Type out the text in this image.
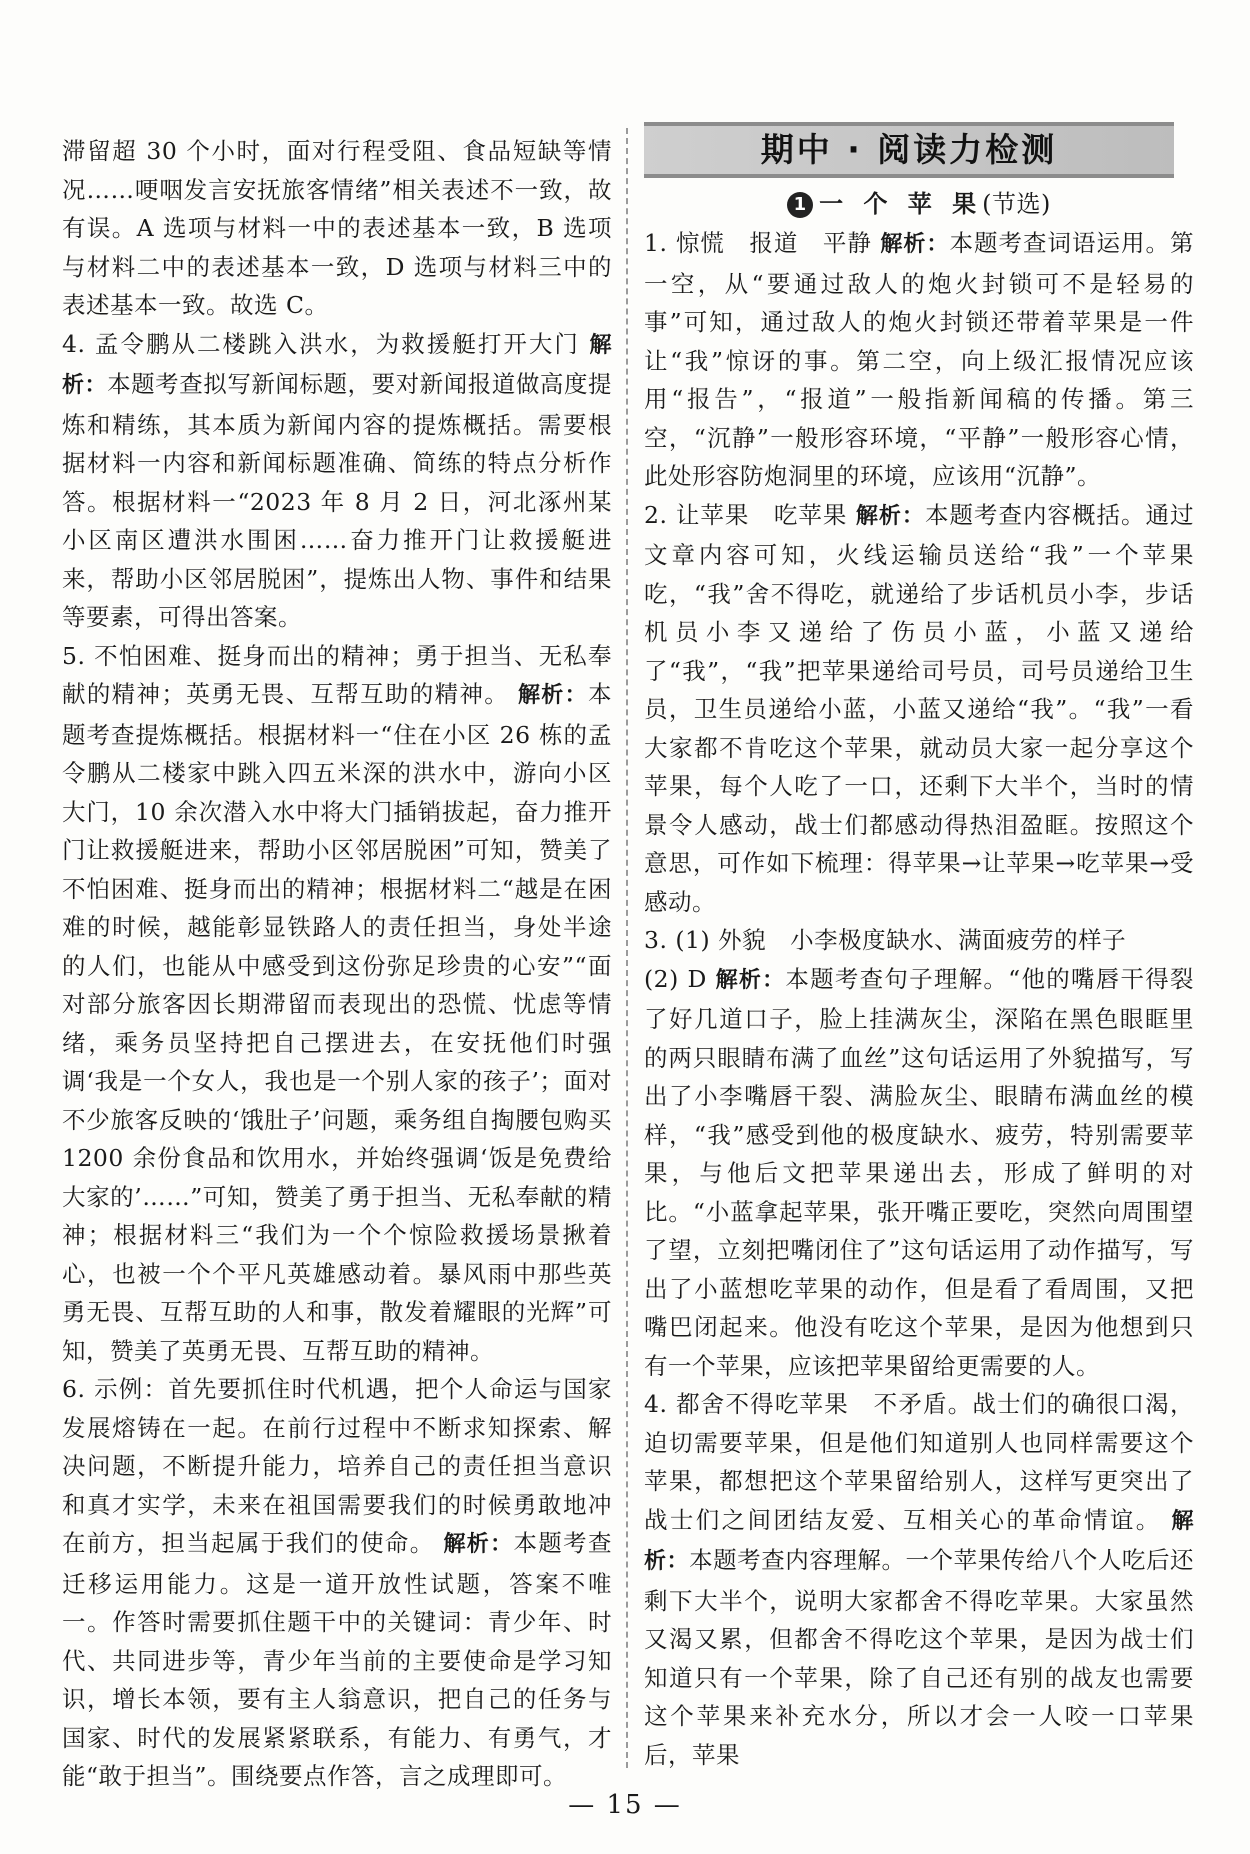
滞留超 30 个小时，面对行程受阻、食品短缺等情况……哽咽发言安抚旅客情绪”相关表述不一致，故有误。A 选项与材料一中的表述基本一致，B 选项与材料二中的表述基本一致，D 选项与材料三中的表述基本一致。故选 C。

4. 孟令鹏从二楼跳入洪水，为救援艇打开大门 解析：本题考查拟写新闻标题，要对新闻报道做高度提炼和精练，其本质为新闻内容的提炼概括。需要根据材料一内容和新闻标题准确、简练的特点分析作答。根据材料一“2023 年 8 月 2 日，河北涿州某小区南区遭洪水围困……奋力推开门让救援艇进来，帮助小区邻居脱困”，提炼出人物、事件和结果等要素，可得出答案。

5. 不怕困难、挺身而出的精神；勇于担当、无私奉献的精神；英勇无畏、互帮互助的精神。 解析：本题考查提炼概括。根据材料一“住在小区 26 栋的孟令鹏从二楼家中跳入四五米深的洪水中，游向小区大门，10 余次潜入水中将大门插销拔起，奋力推开门让救援艇进来，帮助小区邻居脱困”可知，赞美了不怕困难、挺身而出的精神；根据材料二“越是在困难的时候，越能彰显铁路人的责任担当，身处半途的人们，也能从中感受到这份弥足珍贵的心安”“面对部分旅客因长期滞留而表现出的恐慌、忧虑等情绪，乘务员坚持把自己摆进去，在安抚他们时强调‘我是一个女人，我也是一个别人家的孩子’；面对不少旅客反映的‘饿肚子’问题，乘务组自掏腰包购买 1200 余份食品和饮用水，并始终强调‘饭是免费给大家的’……”可知，赞美了勇于担当、无私奉献的精神；根据材料三“我们为一个个惊险救援场景揪着心，也被一个个平凡英雄感动着。暴风雨中那些英勇无畏、互帮互助的人和事，散发着耀眼的光辉”可知，赞美了英勇无畏、互帮互助的精神。

6. 示例：首先要抓住时代机遇，把个人命运与国家发展熔铸在一起。在前行过程中不断求知探索、解决问题，不断提升能力，培养自己的责任担当意识和真才实学，未来在祖国需要我们的时候勇敢地冲在前方，担当起属于我们的使命。 解析：本题考查迁移运用能力。这是一道开放性试题，答案不唯一。作答时需要抓住题干中的关键词：青少年、时代、共同进步等，青少年当前的主要使命是学习知识，增长本领，要有主人翁意识，把自己的任务与国家、时代的发展紧紧联系，有能力、有勇气，才能“敢于担当”。围绕要点作答，言之成理即可。

期中 · 阅读力检测

1 一 个 苹 果(节选)

1. 惊慌　报道　平静 解析：本题考查词语运用。第一空，从“要通过敌人的炮火封锁可不是轻易的事”可知，通过敌人的炮火封锁还带着苹果是一件让“我”惊讶的事。第二空，向上级汇报情况应该用“报告”，“报道”一般指新闻稿的传播。第三空，“沉静”一般形容环境，“平静”一般形容心情，此处形容防炮洞里的环境，应该用“沉静”。

2. 让苹果　吃苹果 解析：本题考查内容概括。通过文章内容可知，火线运输员送给“我”一个苹果吃，“我”舍不得吃，就递给了步话机员小李，步话机员小李又递给了伤员小蓝，小蓝又递给了“我”，“我”把苹果递给司号员，司号员递给卫生员，卫生员递给小蓝，小蓝又递给“我”。“我”一看大家都不肯吃这个苹果，就动员大家一起分享这个苹果，每个人吃了一口，还剩下大半个，当时的情景令人感动，战士们都感动得热泪盈眶。按照这个意思，可作如下梳理：得苹果→让苹果→吃苹果→受感动。

3. (1) 外貌　小李极度缺水、满面疲劳的样子

(2) D 解析：本题考查句子理解。“他的嘴唇干得裂了好几道口子，脸上挂满灰尘，深陷在黑色眼眶里的两只眼睛布满了血丝”这句话运用了外貌描写，写出了小李嘴唇干裂、满脸灰尘、眼睛布满血丝的模样，“我”感受到他的极度缺水、疲劳，特别需要苹果，与他后文把苹果递出去，形成了鲜明的对比。“小蓝拿起苹果，张开嘴正要吃，突然向周围望了望，立刻把嘴闭住了”这句话运用了动作描写，写出了小蓝想吃苹果的动作，但是看了看周围，又把嘴巴闭起来。他没有吃这个苹果，是因为他想到只有一个苹果，应该把苹果留给更需要的人。

4. 都舍不得吃苹果　不矛盾。战士们的确很口渴，迫切需要苹果，但是他们知道别人也同样需要这个苹果，都想把这个苹果留给别人，这样写更突出了战士们之间团结友爱、互相关心的革命情谊。 解析：本题考查内容理解。一个苹果传给八个人吃后还剩下大半个，说明大家都舍不得吃苹果。大家虽然又渴又累，但都舍不得吃这个苹果，是因为战士们知道只有一个苹果，除了自己还有别的战友也需要这个苹果来补充水分，所以才会一人咬一口苹果后，苹果

— 15 —
